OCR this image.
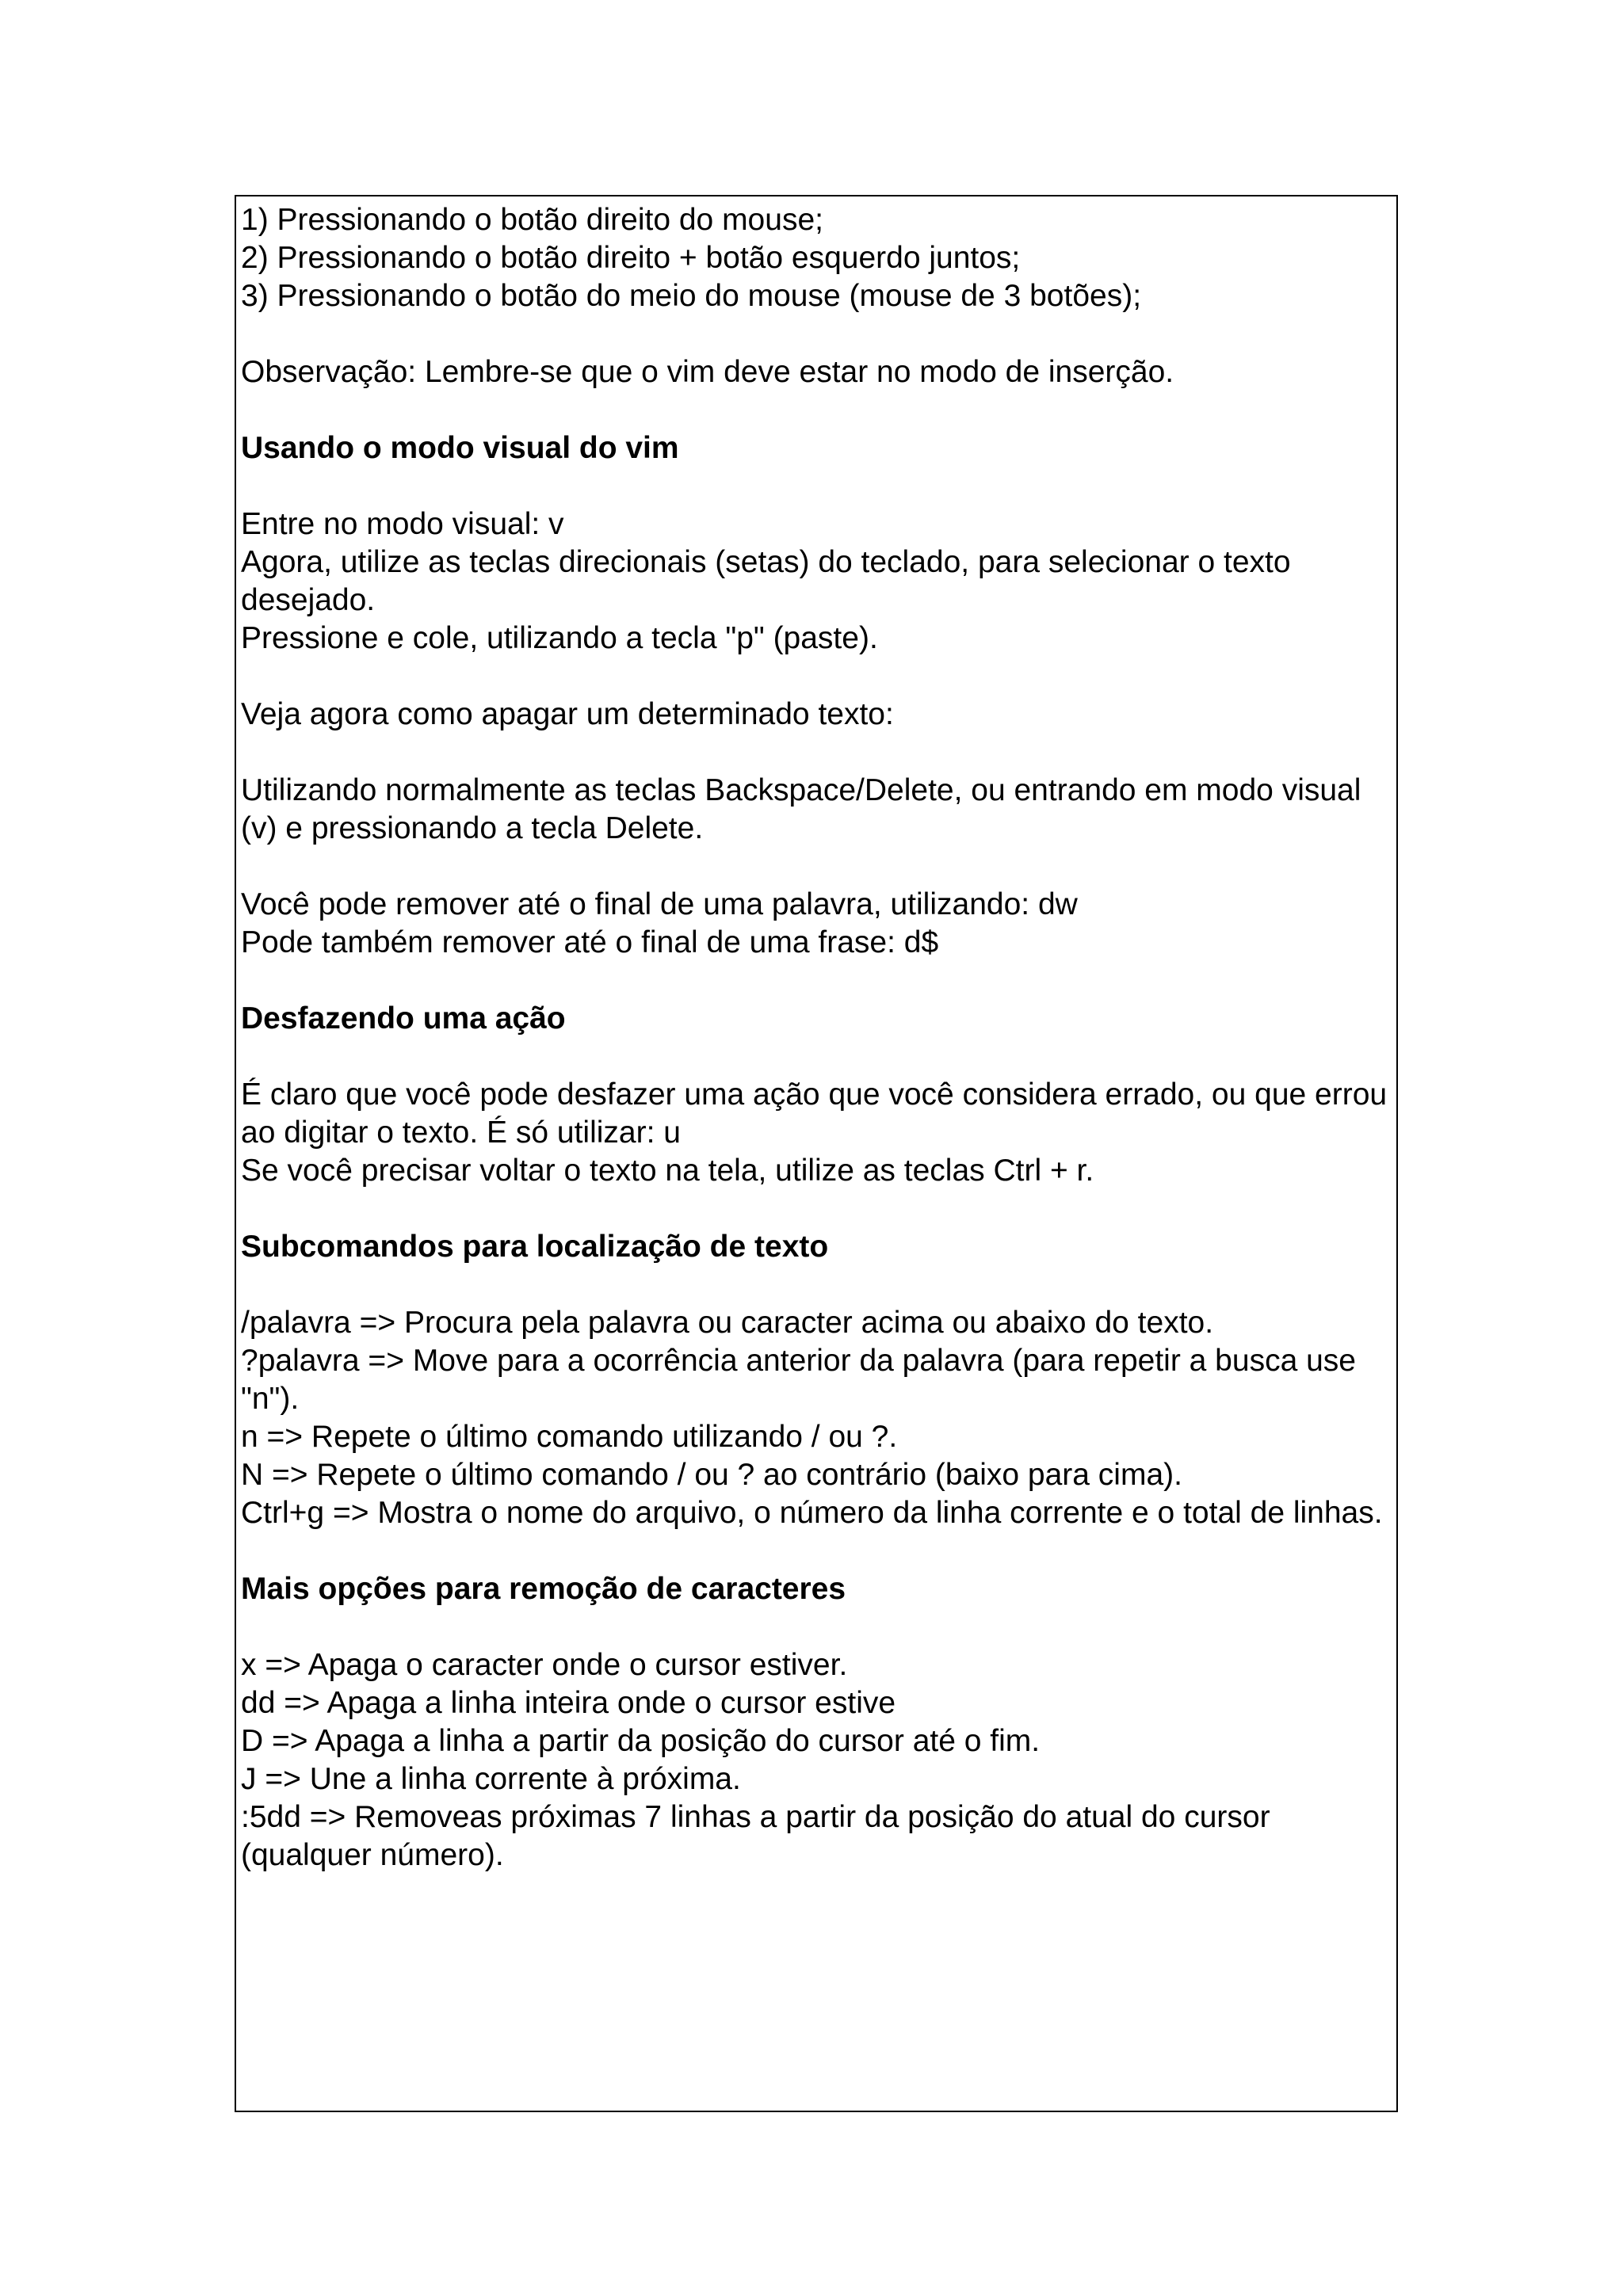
1) Pressionando o botão direito do mouse;

2) Pressionando o botão direito + botão esquerdo juntos;

3) Pressionando o botão do meio do mouse (mouse de 3 botões);

Observação: Lembre-se que o vim deve estar no modo de inserção.

Usando o modo visual do vim

Entre no modo visual: v

Agora, utilize as teclas direcionais (setas) do teclado, para selecionar o texto desejado.

Pressione e cole, utilizando a tecla "p" (paste).

Veja agora como apagar um determinado texto:

Utilizando normalmente as teclas Backspace/Delete, ou entrando em modo visual (v) e pressionando a tecla Delete.

Você pode remover até o final de uma palavra, utilizando: dw

Pode também remover até o final de uma frase: d$

Desfazendo uma ação

É claro que você pode desfazer uma ação que você considera errado, ou que errou ao digitar o texto. É só utilizar: u

Se você precisar voltar o texto na tela, utilize as teclas Ctrl + r.

Subcomandos para localização de texto

/palavra => Procura pela palavra ou caracter acima ou abaixo do texto.

?palavra => Move para a ocorrência anterior da palavra (para repetir a busca use "n").

n => Repete o último comando utilizando / ou ?.

N => Repete o último comando / ou ? ao contrário (baixo para cima).

Ctrl+g => Mostra o nome do arquivo, o número da linha corrente e o total de linhas.

Mais opções para remoção de caracteres

x => Apaga o caracter onde o cursor estiver.

dd => Apaga a linha inteira onde o cursor estive

D => Apaga a linha a partir da posição do cursor até o fim.

J => Une a linha corrente à próxima.

:5dd => Removeas próximas 7 linhas a partir da posição do atual do cursor (qualquer número).
